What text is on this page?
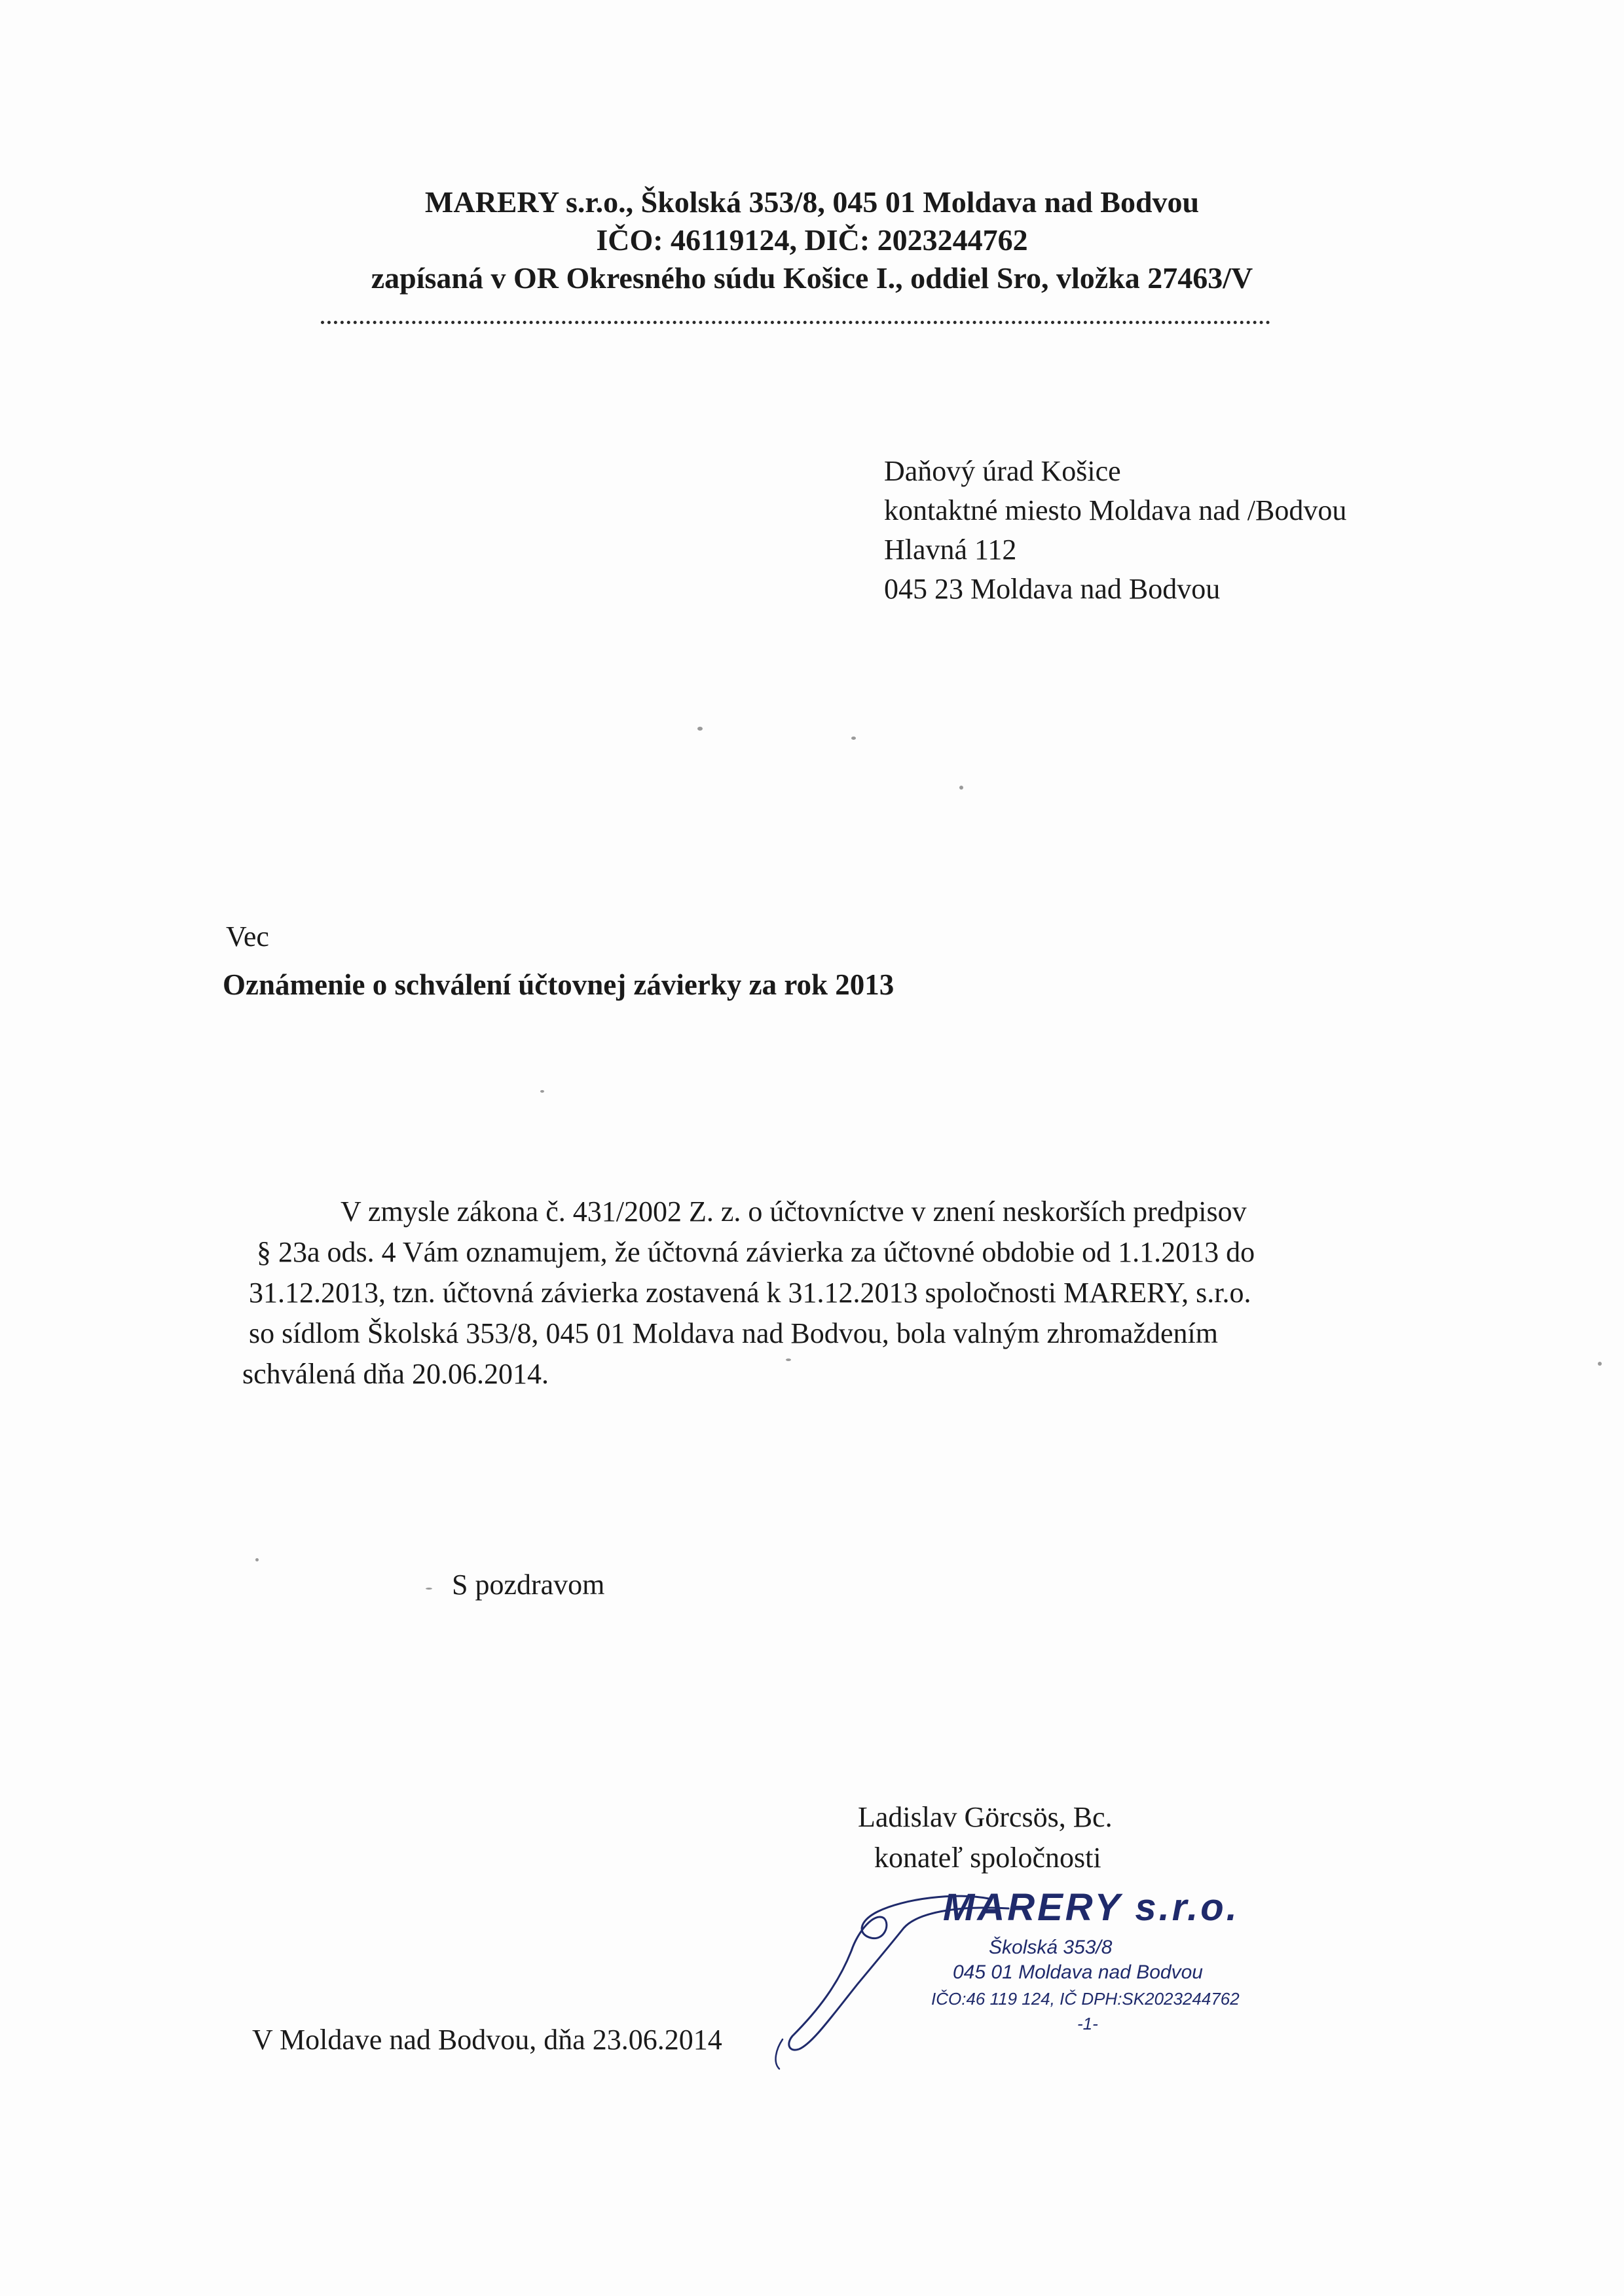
MARERY s.r.o., Školská 353/8, 045 01 Moldava nad Bodvou
IČO: 46119124, DIČ: 2023244762
zapísaná v OR Okresného súdu Košice I., oddiel Sro, vložka 27463/V
Daňový úrad Košice
kontaktné miesto Moldava nad /Bodvou
Hlavná 112
045 23 Moldava nad Bodvou
Vec
Oznámenie o schválení účtovnej závierky za rok 2013
V zmysle zákona č. 431/2002 Z. z. o účtovníctve v znení neskorších predpisov
§ 23a ods. 4 Vám oznamujem, že účtovná závierka za účtovné obdobie od 1.1.2013 do
31.12.2013, tzn. účtovná závierka zostavená k 31.12.2013 spoločnosti MARERY, s.r.o.
so sídlom Školská 353/8, 045 01 Moldava nad Bodvou, bola valným zhromaždením
schválená dňa 20.06.2014.
S pozdravom
Ladislav Görcsös, Bc.
konateľ spoločnosti
MARERY s.r.o.
Školská 353/8
045 01 Moldava nad Bodvou
IČO:46 119 124, IČ DPH:SK2023244762
-1-
V Moldave nad Bodvou, dňa 23.06.2014
